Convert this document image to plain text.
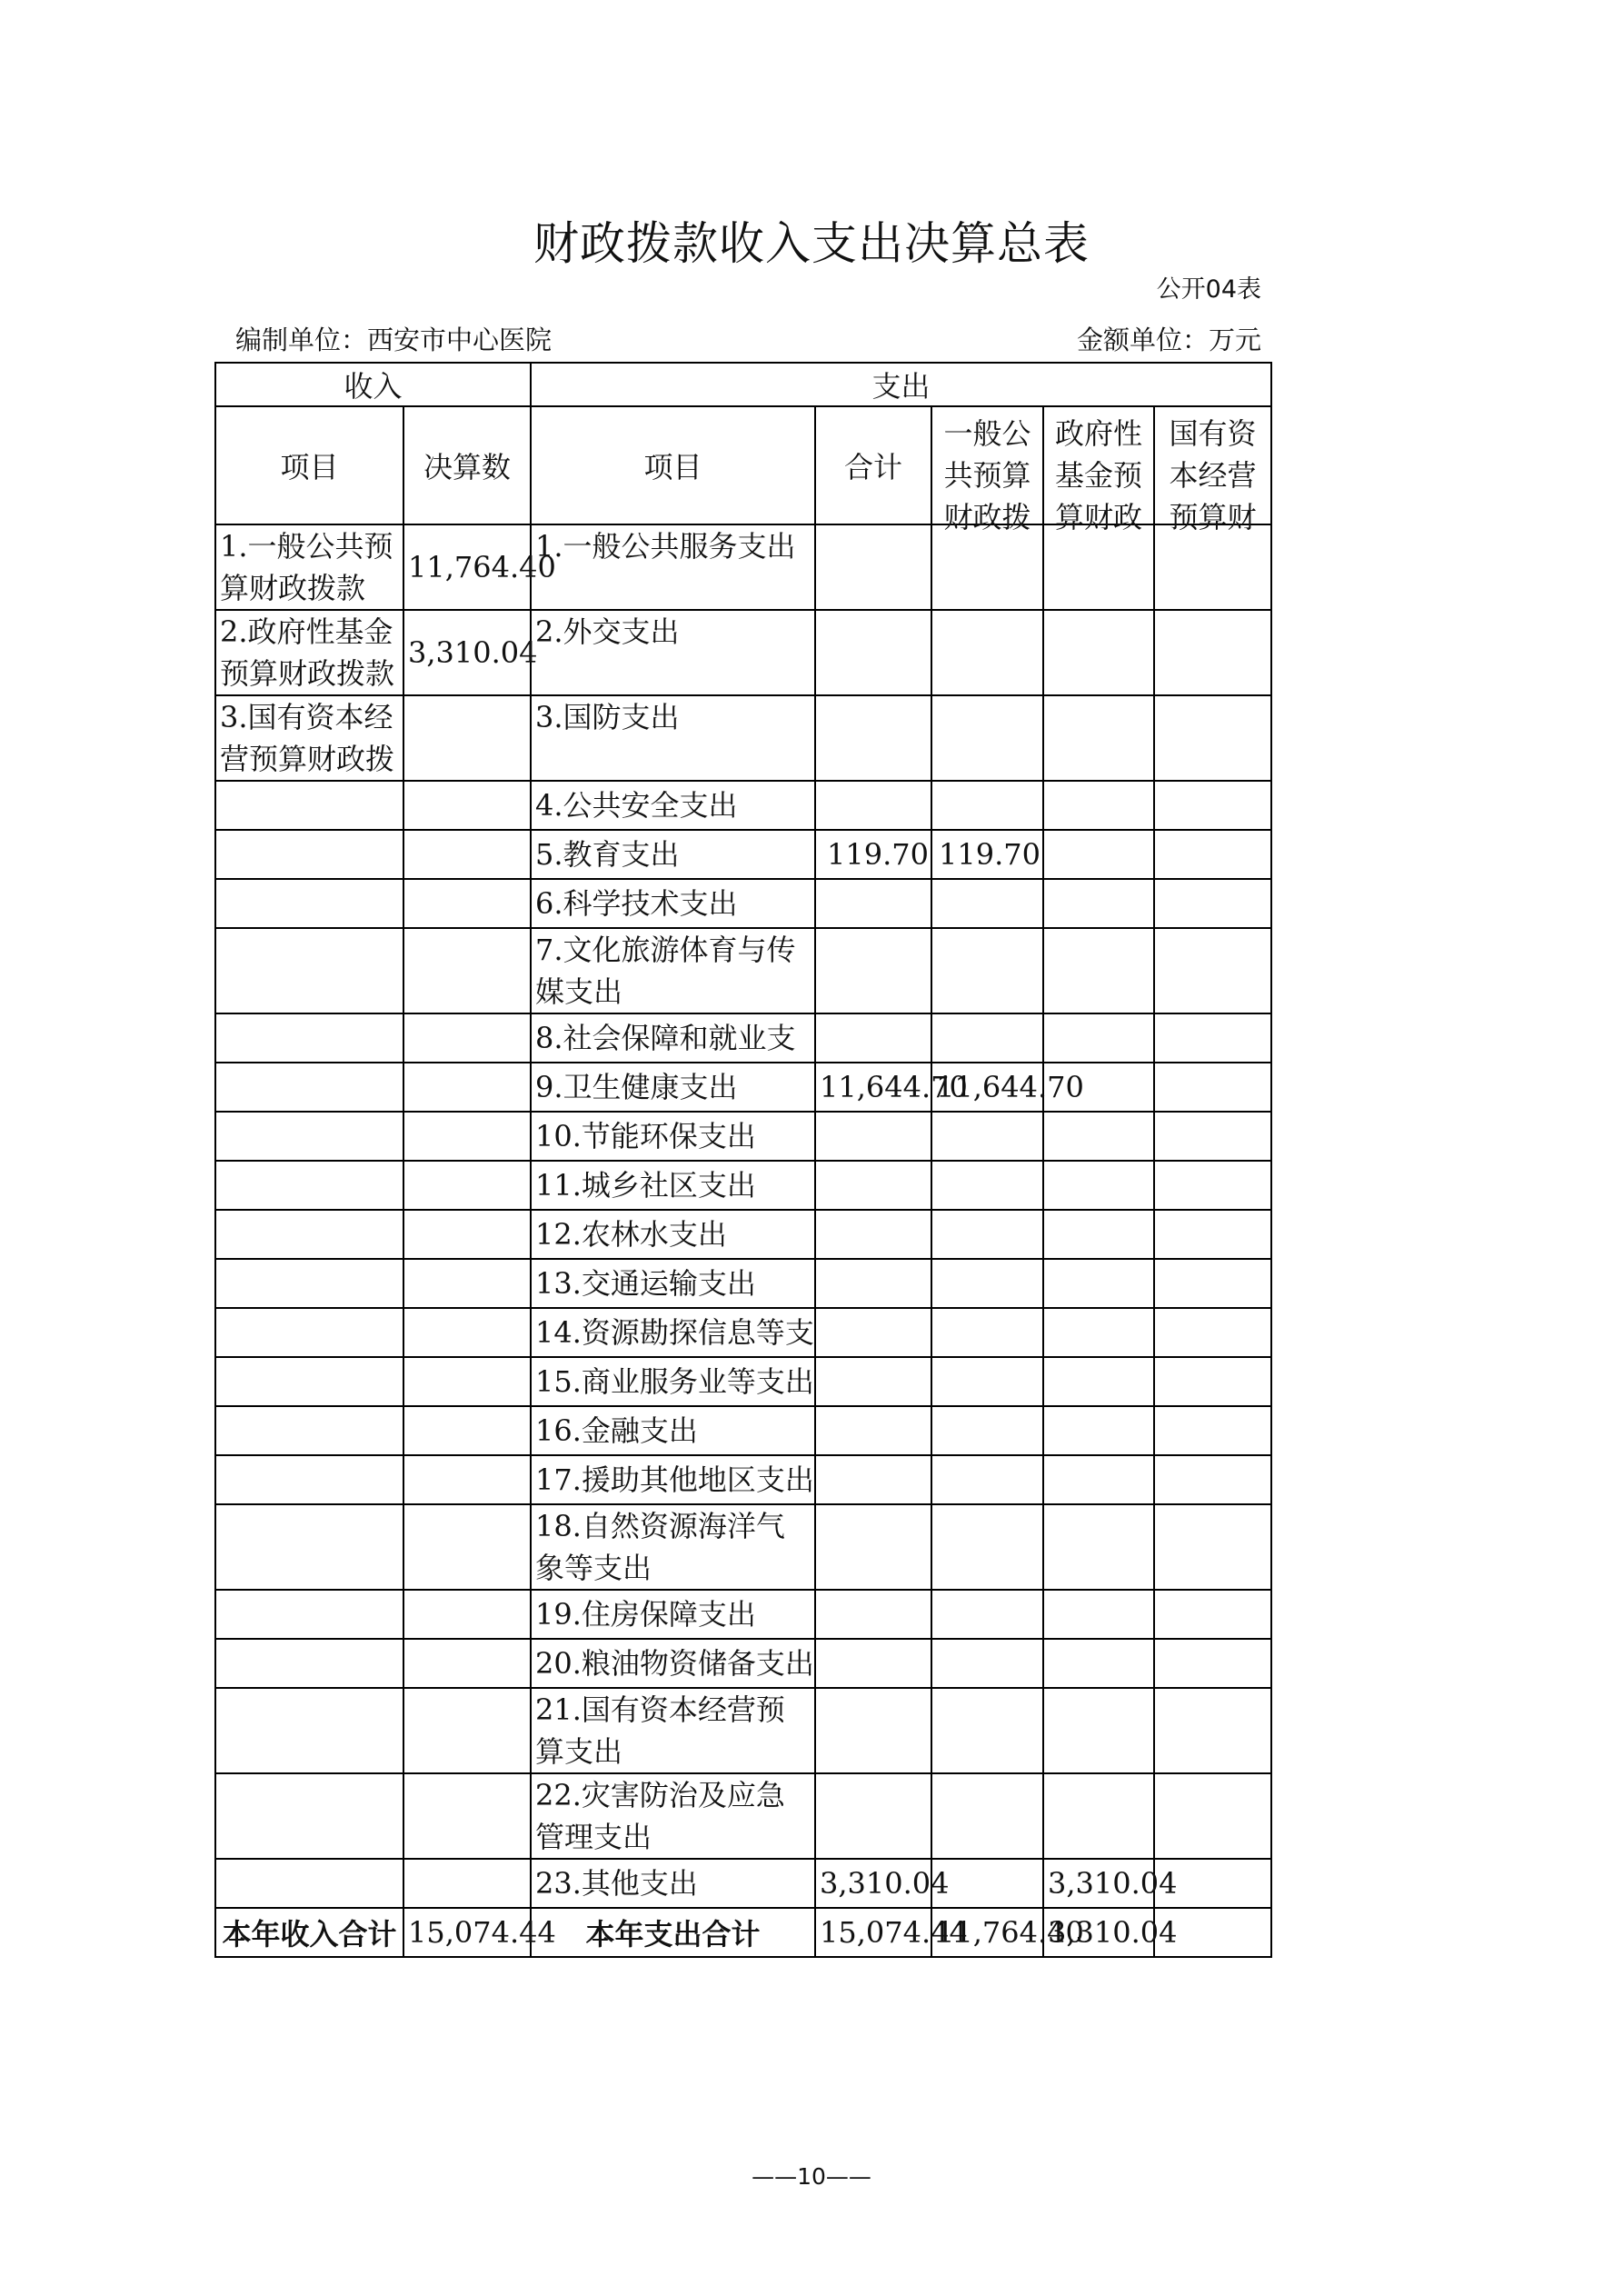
财政拨款收入支出决算总表
公开04表
编制单位：西安市中心医院	金额单位：万元
收入		支出				
项目	决算数	项目	合计	一般公共预算财政拨	政府性基金预算财政	国有资本经营预算财

1.一般公共预算财政拨款	11,764.40	1.一般公共服务支出				

2.政府性基金预算财政拨款	3,310.04	2.外交支出				

3.国有资本经营预算财政拨		3.国防支出				

		4.公共安全支出				
		5.教育支出	119.70	119.70		
		6.科学技术支出				

		7.文化旅游体育与传媒支出				

		8.社会保障和就业支				
		9.卫生健康支出	11,644.70	11,644.70		
		10.节能环保支出				
		11.城乡社区支出				
		12.农林水支出				
		13.交通运输支出				
		14.资源勘探信息等支				
		15.商业服务业等支出				
		16.金融支出				
		17.援助其他地区支出				

		18.自然资源海洋气象等支出				

		19.住房保障支出				
		20.粮油物资储备支出				

		21.国有资本经营预算支出				

		22.灾害防治及应急管理支出				

		23.其他支出	3,310.04		3,310.04	
本年收入合计	15,074.44	本年支出合计	15,074.44	11,764.40	3,310.04	
——10——
